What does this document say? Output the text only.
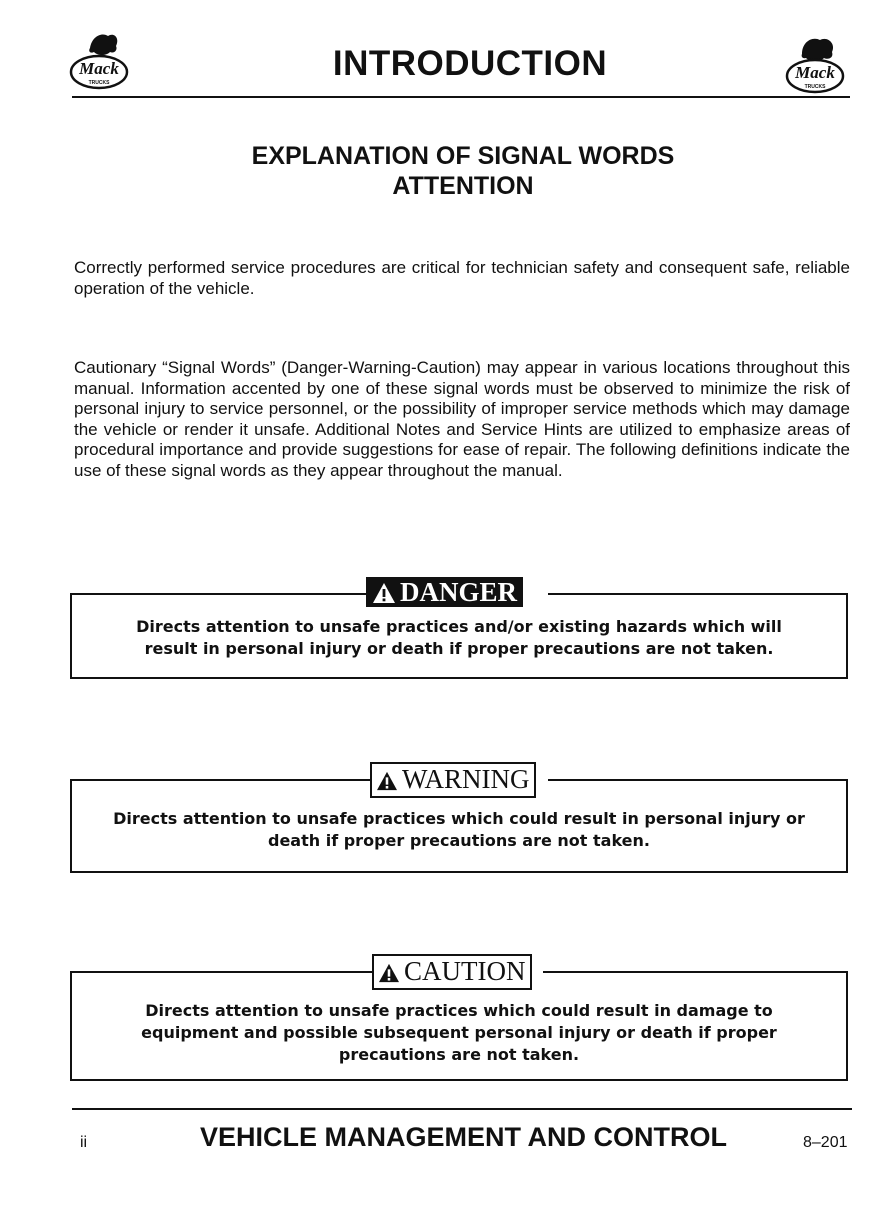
Mack
TRUCKS	INTRODUCTION	Mack
TRUCKS
EXPLANATION OF SIGNAL WORDS
ATTENTION
Correctly performed service procedures are critical for technician safety and consequent safe, reliable operation of the vehicle.
Cautionary “Signal Words” (Danger-Warning-Caution) may appear in various locations throughout this manual. Information accented by one of these signal words must be observed to minimize the risk of personal injury to service personnel, or the possibility of improper service methods which may damage the vehicle or render it unsafe. Additional Notes and Service Hints are utilized to emphasize areas of procedural importance and provide suggestions for ease of repair. The following definitions indicate the use of these signal words as they appear throughout the manual.
DANGER
Directs attention to unsafe practices and/or existing hazards which will
result in personal injury or death if proper precautions are not taken.
WARNING
Directs attention to unsafe practices which could result in personal injury or
death if proper precautions are not taken.
CAUTION
Directs attention to unsafe practices which could result in damage to
equipment and possible subsequent personal injury or death if proper
precautions are not taken.
ii	VEHICLE MANAGEMENT AND CONTROL	8–201
